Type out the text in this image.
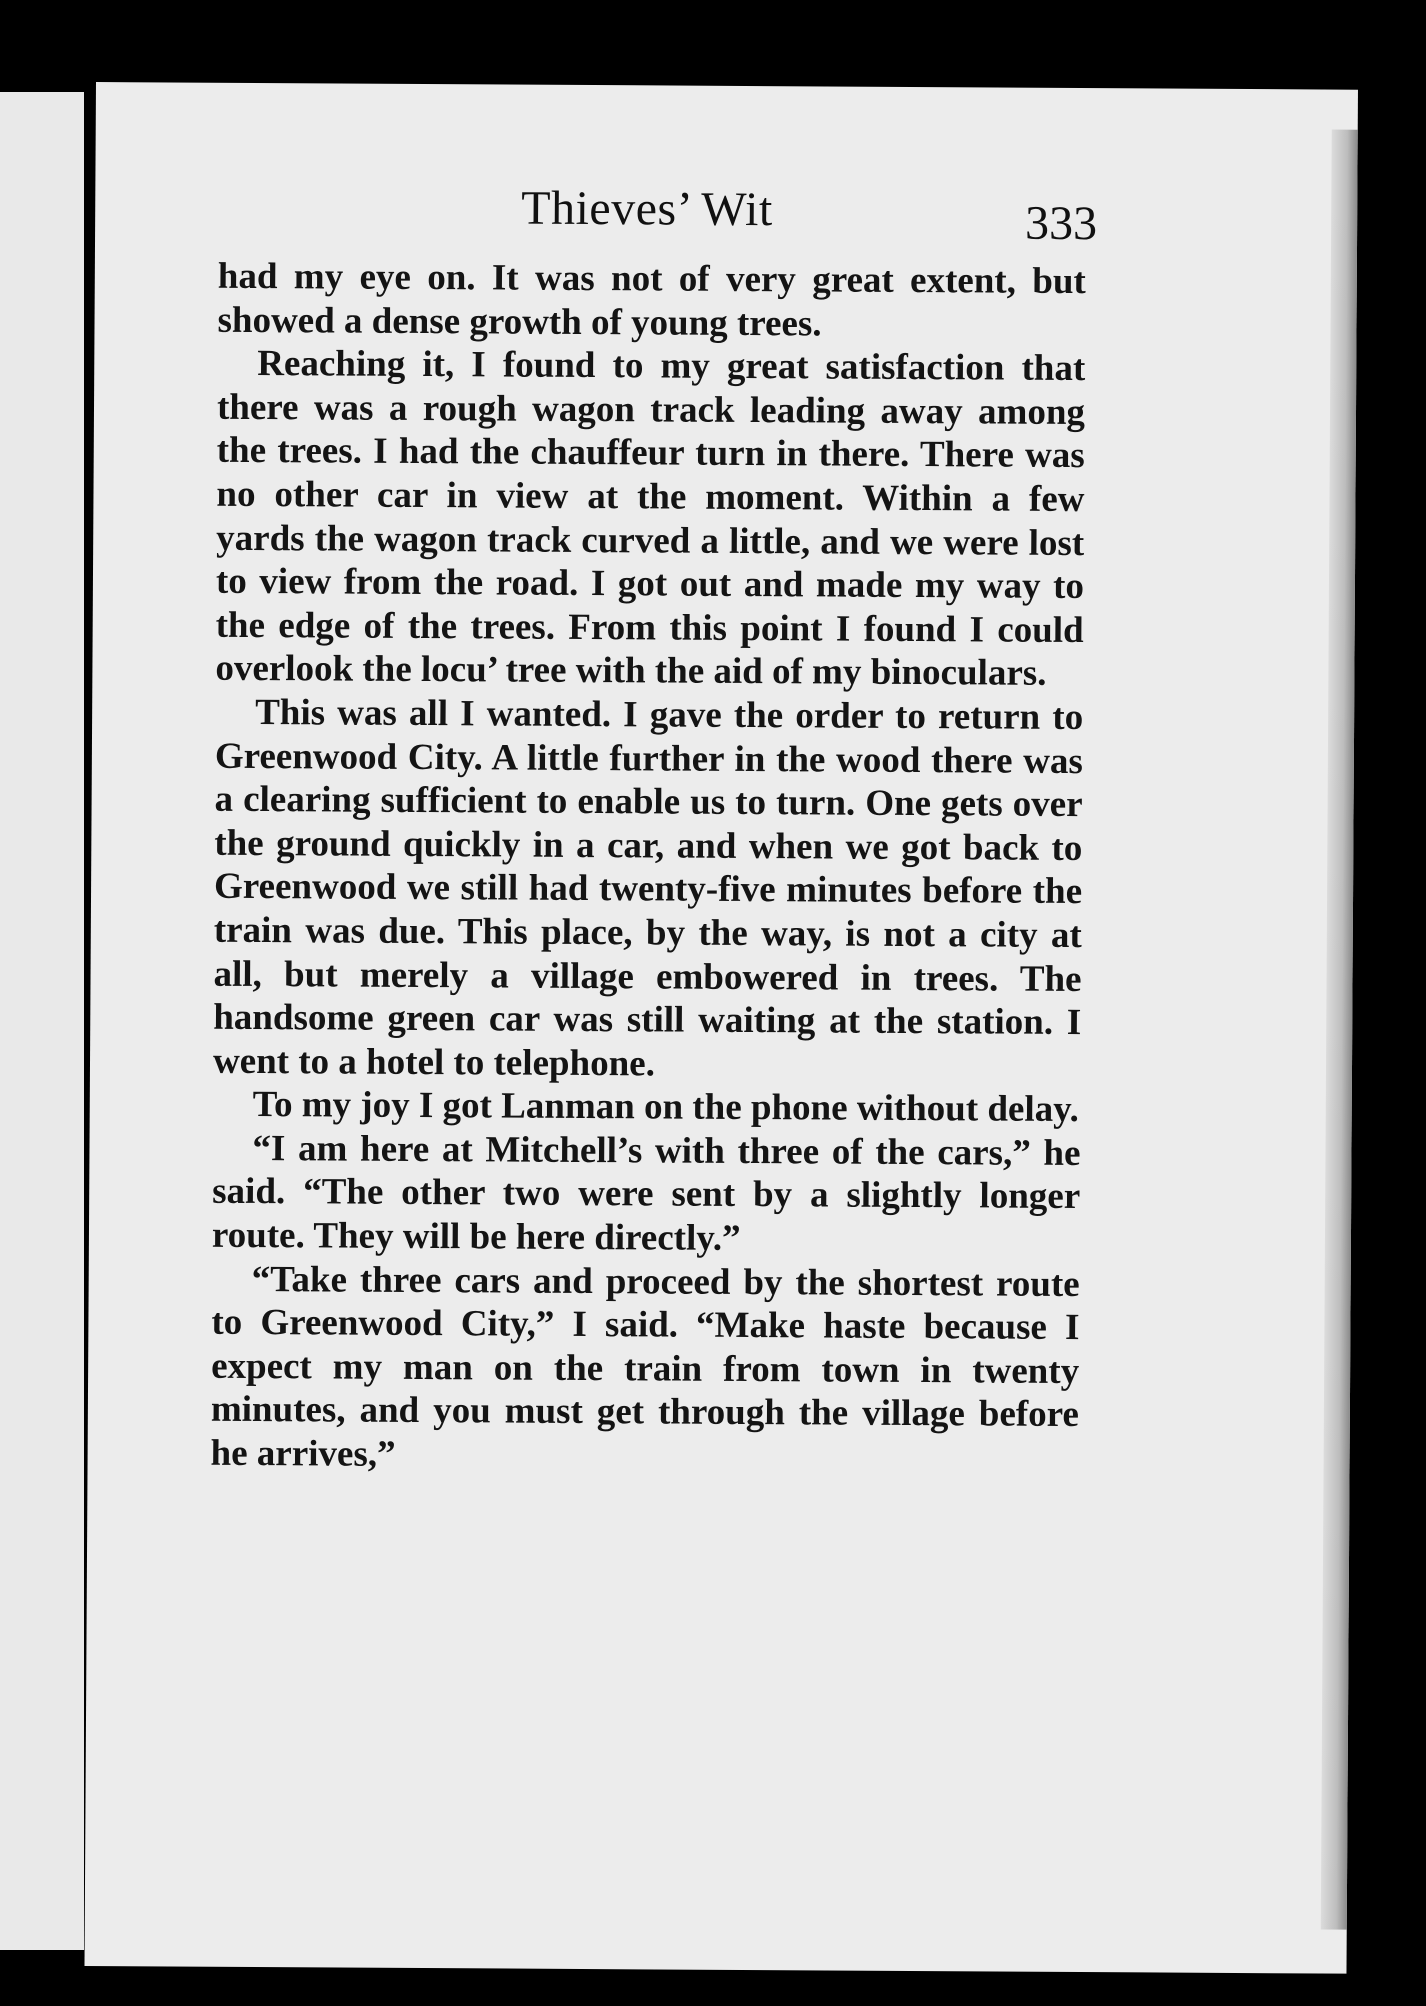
Thieves’ Wit	333

had my eye on. It was not of very great extent, but showed a dense growth of young trees.

Reaching it, I found to my great satisfaction that there was a rough wagon track leading away among the trees. I had the chauffeur turn in there. There was no other car in view at the moment. Within a few yards the wagon track curved a little, and we were lost to view from the road. I got out and made my way to the edge of the trees. From this point I found I could overlook the locu’ tree with the aid of my binoculars.

This was all I wanted. I gave the order to return to Greenwood City. A little further in the wood there was a clearing sufficient to enable us to turn. One gets over the ground quickly in a car, and when we got back to Greenwood we still had twenty-five minutes before the train was due. This place, by the way, is not a city at all, but merely a village embowered in trees. The handsome green car was still waiting at the station. I went to a hotel to telephone.

To my joy I got Lanman on the phone without delay.

“I am here at Mitchell’s with three of the cars,” he said. “The other two were sent by a slightly longer route. They will be here directly.”

“Take three cars and proceed by the shortest route to Greenwood City,” I said. “Make haste because I expect my man on the train from town in twenty minutes, and you must get through the village before he arrives,”
